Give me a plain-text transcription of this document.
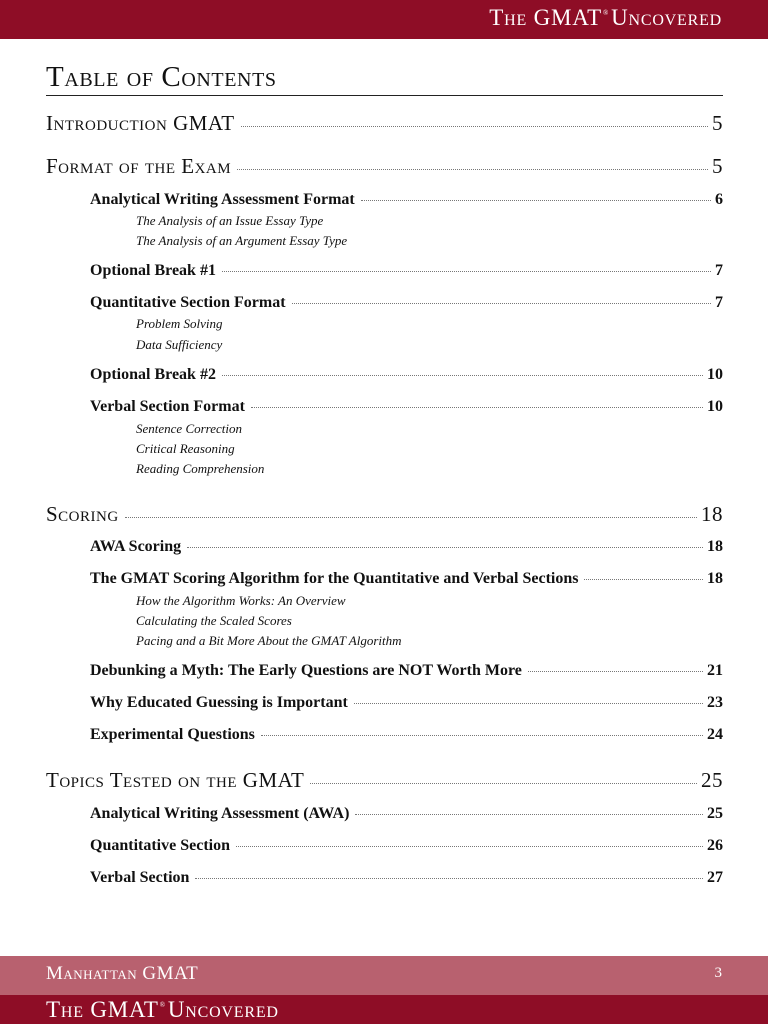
The GMAT®Uncovered
Table of Contents
Introduction GMAT	5
Format of the Exam	5
Analytical Writing Assessment Format	6
The Analysis of an Issue Essay Type
The Analysis of an Argument Essay Type
Optional Break #1	7
Quantitative Section Format	7
Problem Solving
Data Sufficiency
Optional Break #2	10
Verbal Section Format	10
Sentence Correction
Critical Reasoning
Reading Comprehension
Scoring	18
AWA Scoring	18
The GMAT Scoring Algorithm for the Quantitative and Verbal Sections	18
How the Algorithm Works: An Overview
Calculating the Scaled Scores
Pacing and a Bit More About the GMAT Algorithm
Debunking a Myth: The Early Questions are NOT Worth More	21
Why Educated Guessing is Important	23
Experimental Questions	24
Topics Tested on the GMAT	25
Analytical Writing Assessment (AWA)	25
Quantitative Section	26
Verbal Section	27
Manhattan GMAT	3
The GMAT®Uncovered
